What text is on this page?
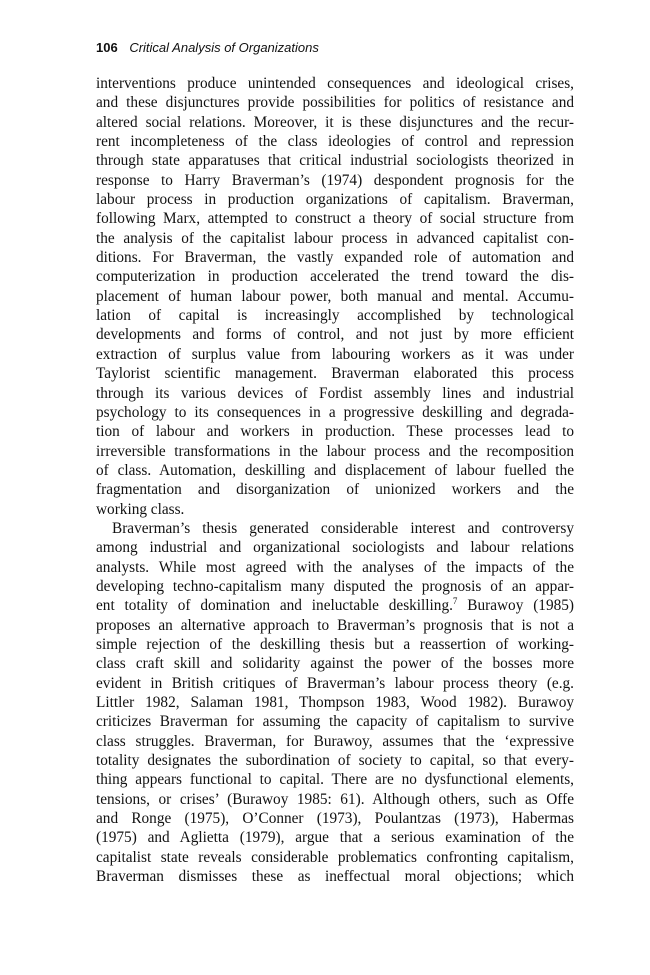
106 Critical Analysis of Organizations
interventions produce unintended consequences and ideological crises,
and these disjunctures provide possibilities for politics of resistance and
altered social relations. Moreover, it is these disjunctures and the recur-
rent incompleteness of the class ideologies of control and repression
through state apparatuses that critical industrial sociologists theorized in
response to Harry Braverman’s (1974) despondent prognosis for the
labour process in production organizations of capitalism. Braverman,
following Marx, attempted to construct a theory of social structure from
the analysis of the capitalist labour process in advanced capitalist con-
ditions. For Braverman, the vastly expanded role of automation and
computerization in production accelerated the trend toward the dis-
placement of human labour power, both manual and mental. Accumu-
lation of capital is increasingly accomplished by technological
developments and forms of control, and not just by more efficient
extraction of surplus value from labouring workers as it was under
Taylorist scientific management. Braverman elaborated this process
through its various devices of Fordist assembly lines and industrial
psychology to its consequences in a progressive deskilling and degrada-
tion of labour and workers in production. These processes lead to
irreversible transformations in the labour process and the recomposition
of class. Automation, deskilling and displacement of labour fuelled the
fragmentation and disorganization of unionized workers and the
working class.
Braverman’s thesis generated considerable interest and controversy
among industrial and organizational sociologists and labour relations
analysts. While most agreed with the analyses of the impacts of the
developing techno-capitalism many disputed the prognosis of an appar-
ent totality of domination and ineluctable deskilling.$^7$ Burawoy (1985)
proposes an alternative approach to Braverman’s prognosis that is not a
simple rejection of the deskilling thesis but a reassertion of working-
class craft skill and solidarity against the power of the bosses more
evident in British critiques of Braverman’s labour process theory (e.g.
Littler 1982, Salaman 1981, Thompson 1983, Wood 1982). Burawoy
criticizes Braverman for assuming the capacity of capitalism to survive
class struggles. Braverman, for Burawoy, assumes that the ‘expressive
totality designates the subordination of society to capital, so that every-
thing appears functional to capital. There are no dysfunctional elements,
tensions, or crises’ (Burawoy 1985: 61). Although others, such as Offe
and Ronge (1975), O’Conner (1973), Poulantzas (1973), Habermas
(1975) and Aglietta (1979), argue that a serious examination of the
capitalist state reveals considerable problematics confronting capitalism,
Braverman dismisses these as ineffectual moral objections; which
